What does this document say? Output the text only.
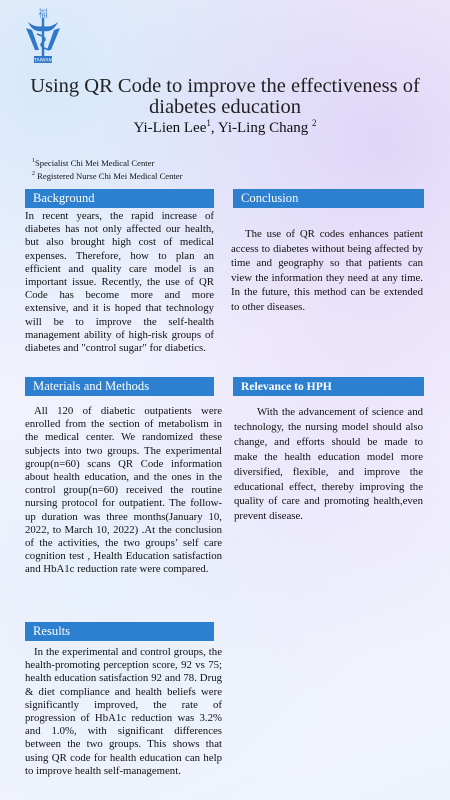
福
TAIWAN
Using QR Code to improve the effectiveness of diabetes education
Yi-Lien Lee$^1$, Yi-Ling Chang $^2$
$^1$Specialist Chi Mei Medical Center
$^2$ Registered Nurse Chi Mei Medical Center
Background
In recent years, the rapid increase of diabetes has not only affected our health, but also brought high cost of medical expenses. Therefore, how to plan an efficient and quality care model is an important issue. Recently, the use of QR Code has become more and more extensive, and it is hoped that technology will be to improve the self-health management ability of high-risk groups of diabetes and "control sugar" for diabetics.
Materials and Methods
All 120 of diabetic outpatients were enrolled from the section of metabolism in the medical center. We randomized these subjects into two groups. The experimental group(n=60) scans QR Code information about health education, and the ones in the control group(n=60) received the routine nursing protocol for outpatient. The follow-up duration was three months(January 10, 2022, to March 10, 2022) .At the conclusion of the activities, the two groups’ self care cognition test , Health Education satisfaction and HbA1c reduction rate were compared.
Results
In the experimental and control groups, the health-promoting perception score, 92 vs 75; health education satisfaction 92 and 78. Drug & diet compliance and health beliefs were significantly improved, the rate of progression of HbA1c reduction was 3.2% and 1.0%, with significant differences between the two groups. This shows that using QR code for health education can help to improve health self-management.
Conclusion
The use of QR codes enhances patient access to diabetes without being affected by time and geography so that patients can view the information they need at any time. In the future, this method can be extended to other diseases.
Relevance to HPH
With the advancement of science and technology, the nursing model should also change, and efforts should be made to make the health education model more diversified, flexible, and improve the educational effect, thereby improving the quality of care and promoting health,even prevent disease.
